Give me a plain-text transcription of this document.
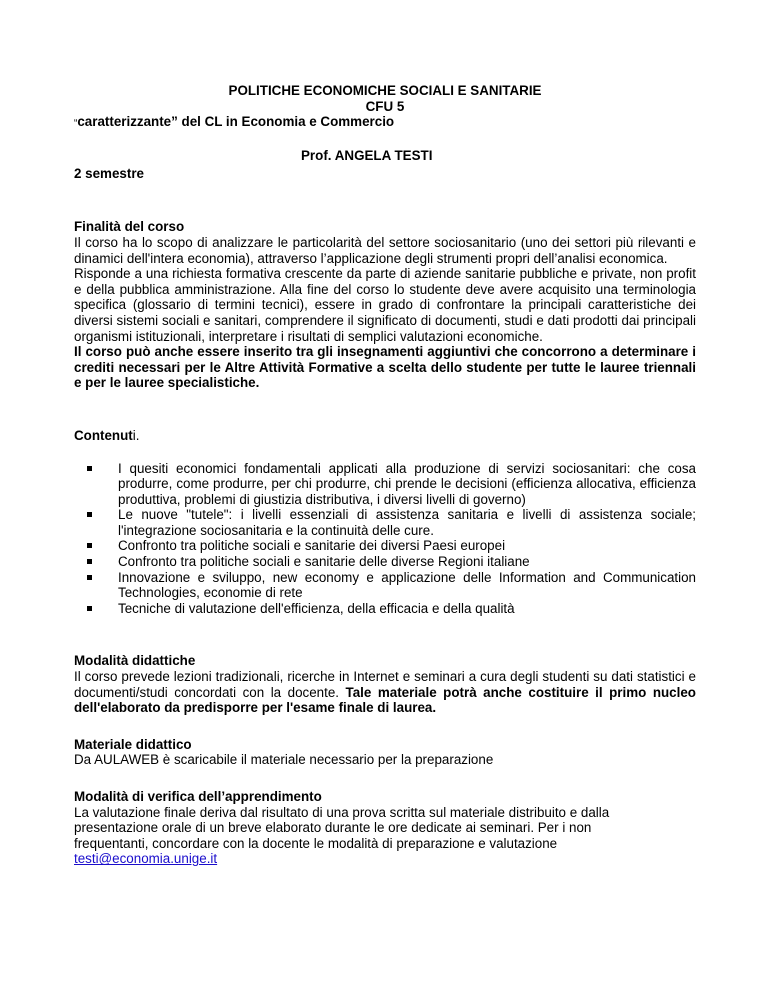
POLITICHE ECONOMICHE SOCIALI E SANITARIE
CFU 5
“caratterizzante” del CL in Economia e Commercio
Prof. ANGELA TESTI
2 semestre
Finalità del corso

Il corso ha lo scopo di analizzare le particolarità del settore sociosanitario (uno dei settori più rilevanti e dinamici dell'intera economia), attraverso l’applicazione degli strumenti propri dell’analisi economica.

Risponde a una richiesta formativa crescente da parte di aziende sanitarie pubbliche e private, non profit e della pubblica amministrazione. Alla fine del corso lo studente deve avere acquisito una terminologia specifica (glossario di termini tecnici), essere in grado di confrontare la principali caratteristiche dei diversi sistemi sociali e sanitari, comprendere il significato di documenti, studi e dati prodotti dai principali organismi istituzionali, interpretare i risultati di semplici valutazioni economiche.

Il corso può anche essere inserito tra gli insegnamenti aggiuntivi che concorrono a determinare i crediti necessari per le Altre Attività Formative a scelta dello studente per tutte le lauree triennali e per le lauree specialistiche.

Contenuti.
I quesiti economici fondamentali applicati alla produzione di servizi sociosanitari: che cosa produrre, come produrre, per chi produrre, chi prende le decisioni (efficienza allocativa, efficienza produttiva, problemi di giustizia distributiva, i diversi livelli di governo)
Le nuove "tutele": i livelli essenziali di assistenza sanitaria e livelli di assistenza sociale; l'integrazione sociosanitaria e la continuità delle cure.
Confronto tra politiche sociali e sanitarie dei diversi Paesi europei
Confronto tra politiche sociali e sanitarie delle diverse Regioni italiane
Innovazione e sviluppo, new economy e applicazione delle Information and Communication Technologies, economie di rete
Tecniche di valutazione dell'efficienza, della efficacia e della qualità
Modalità didattiche

Il corso prevede lezioni tradizionali, ricerche in Internet e seminari a cura degli studenti su dati statistici e documenti/studi concordati con la docente. Tale materiale potrà anche costituire il primo nucleo dell'elaborato da predisporre per l'esame finale di laurea.

Materiale didattico

Da AULAWEB è scaricabile il materiale necessario per la preparazione

Modalità di verifica dell’apprendimento
La valutazione finale deriva dal risultato di una prova scritta sul materiale distribuito e dalla
presentazione orale di un breve elaborato durante le ore dedicate ai seminari. Per i non
frequentanti, concordare con la docente le modalità di preparazione e valutazione
testi@economia.unige.it
